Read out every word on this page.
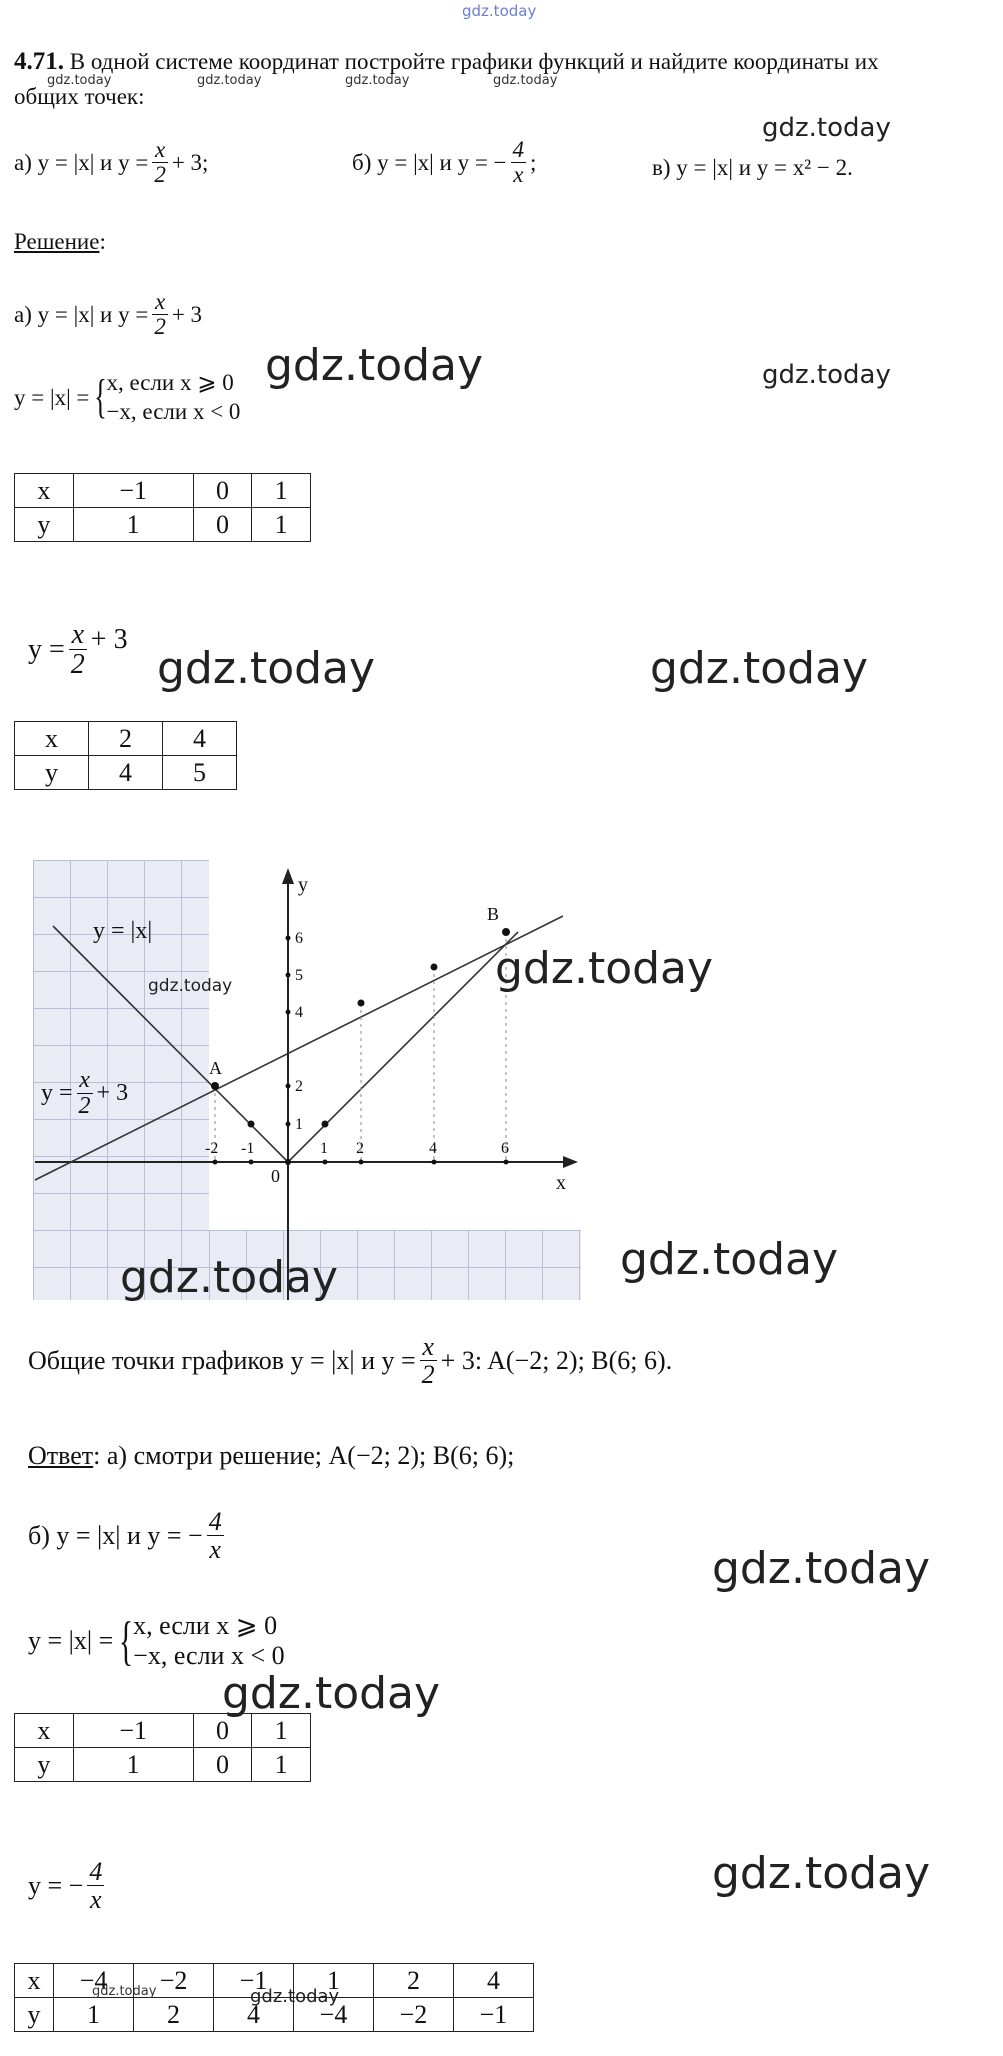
gdz.today
4.71. В одной системе координат постройте графики функций и найдите координаты их
общих точек:
gdz.today	gdz.today	gdz.today	gdz.today
gdz.today
а) y = |x| и $y = \frac{x}{2} + 3$;	б) y = |x| и y = − $\frac{4}{x}$ ;	в) y = |x| и y = x² − 2.
Решение:
а) y = |x| и $y = \frac{x}{2} + 3$
y = |x| = { x, если x ⩾ 0
−x, если x < 0
gdz.today	gdz.today
x	−1	0	1
y	1	0	1
$y = \frac{x}{2} + 3$
gdz.today	gdz.today
x	2	4
y	4	5
y
x
0
-2 -1	1 2	4	6
1
2
4
5
6
y = |x|
$y = \frac{x}{2} + 3$
A
B
gdz.today	gdz.today
gdz.today	gdz.today
Общие точки графиков y = |x| и $y = \frac{x}{2} + 3$: A(−2; 2); B(6; 6).
Ответ: а) смотри решение; A(−2; 2); B(6; 6);
б) y = |x| и y = − $\frac{4}{x}$
gdz.today
y = |x| = { x, если x ⩾ 0
−x, если x < 0
x	−1	0	1
y	1	0	1
gdz.today
y = − $\frac{4}{x}$	gdz.today
x	−4	−2	−1	1	2	4
y	1	2	4	−4	−2	−1
gdz.today	gdz.today
